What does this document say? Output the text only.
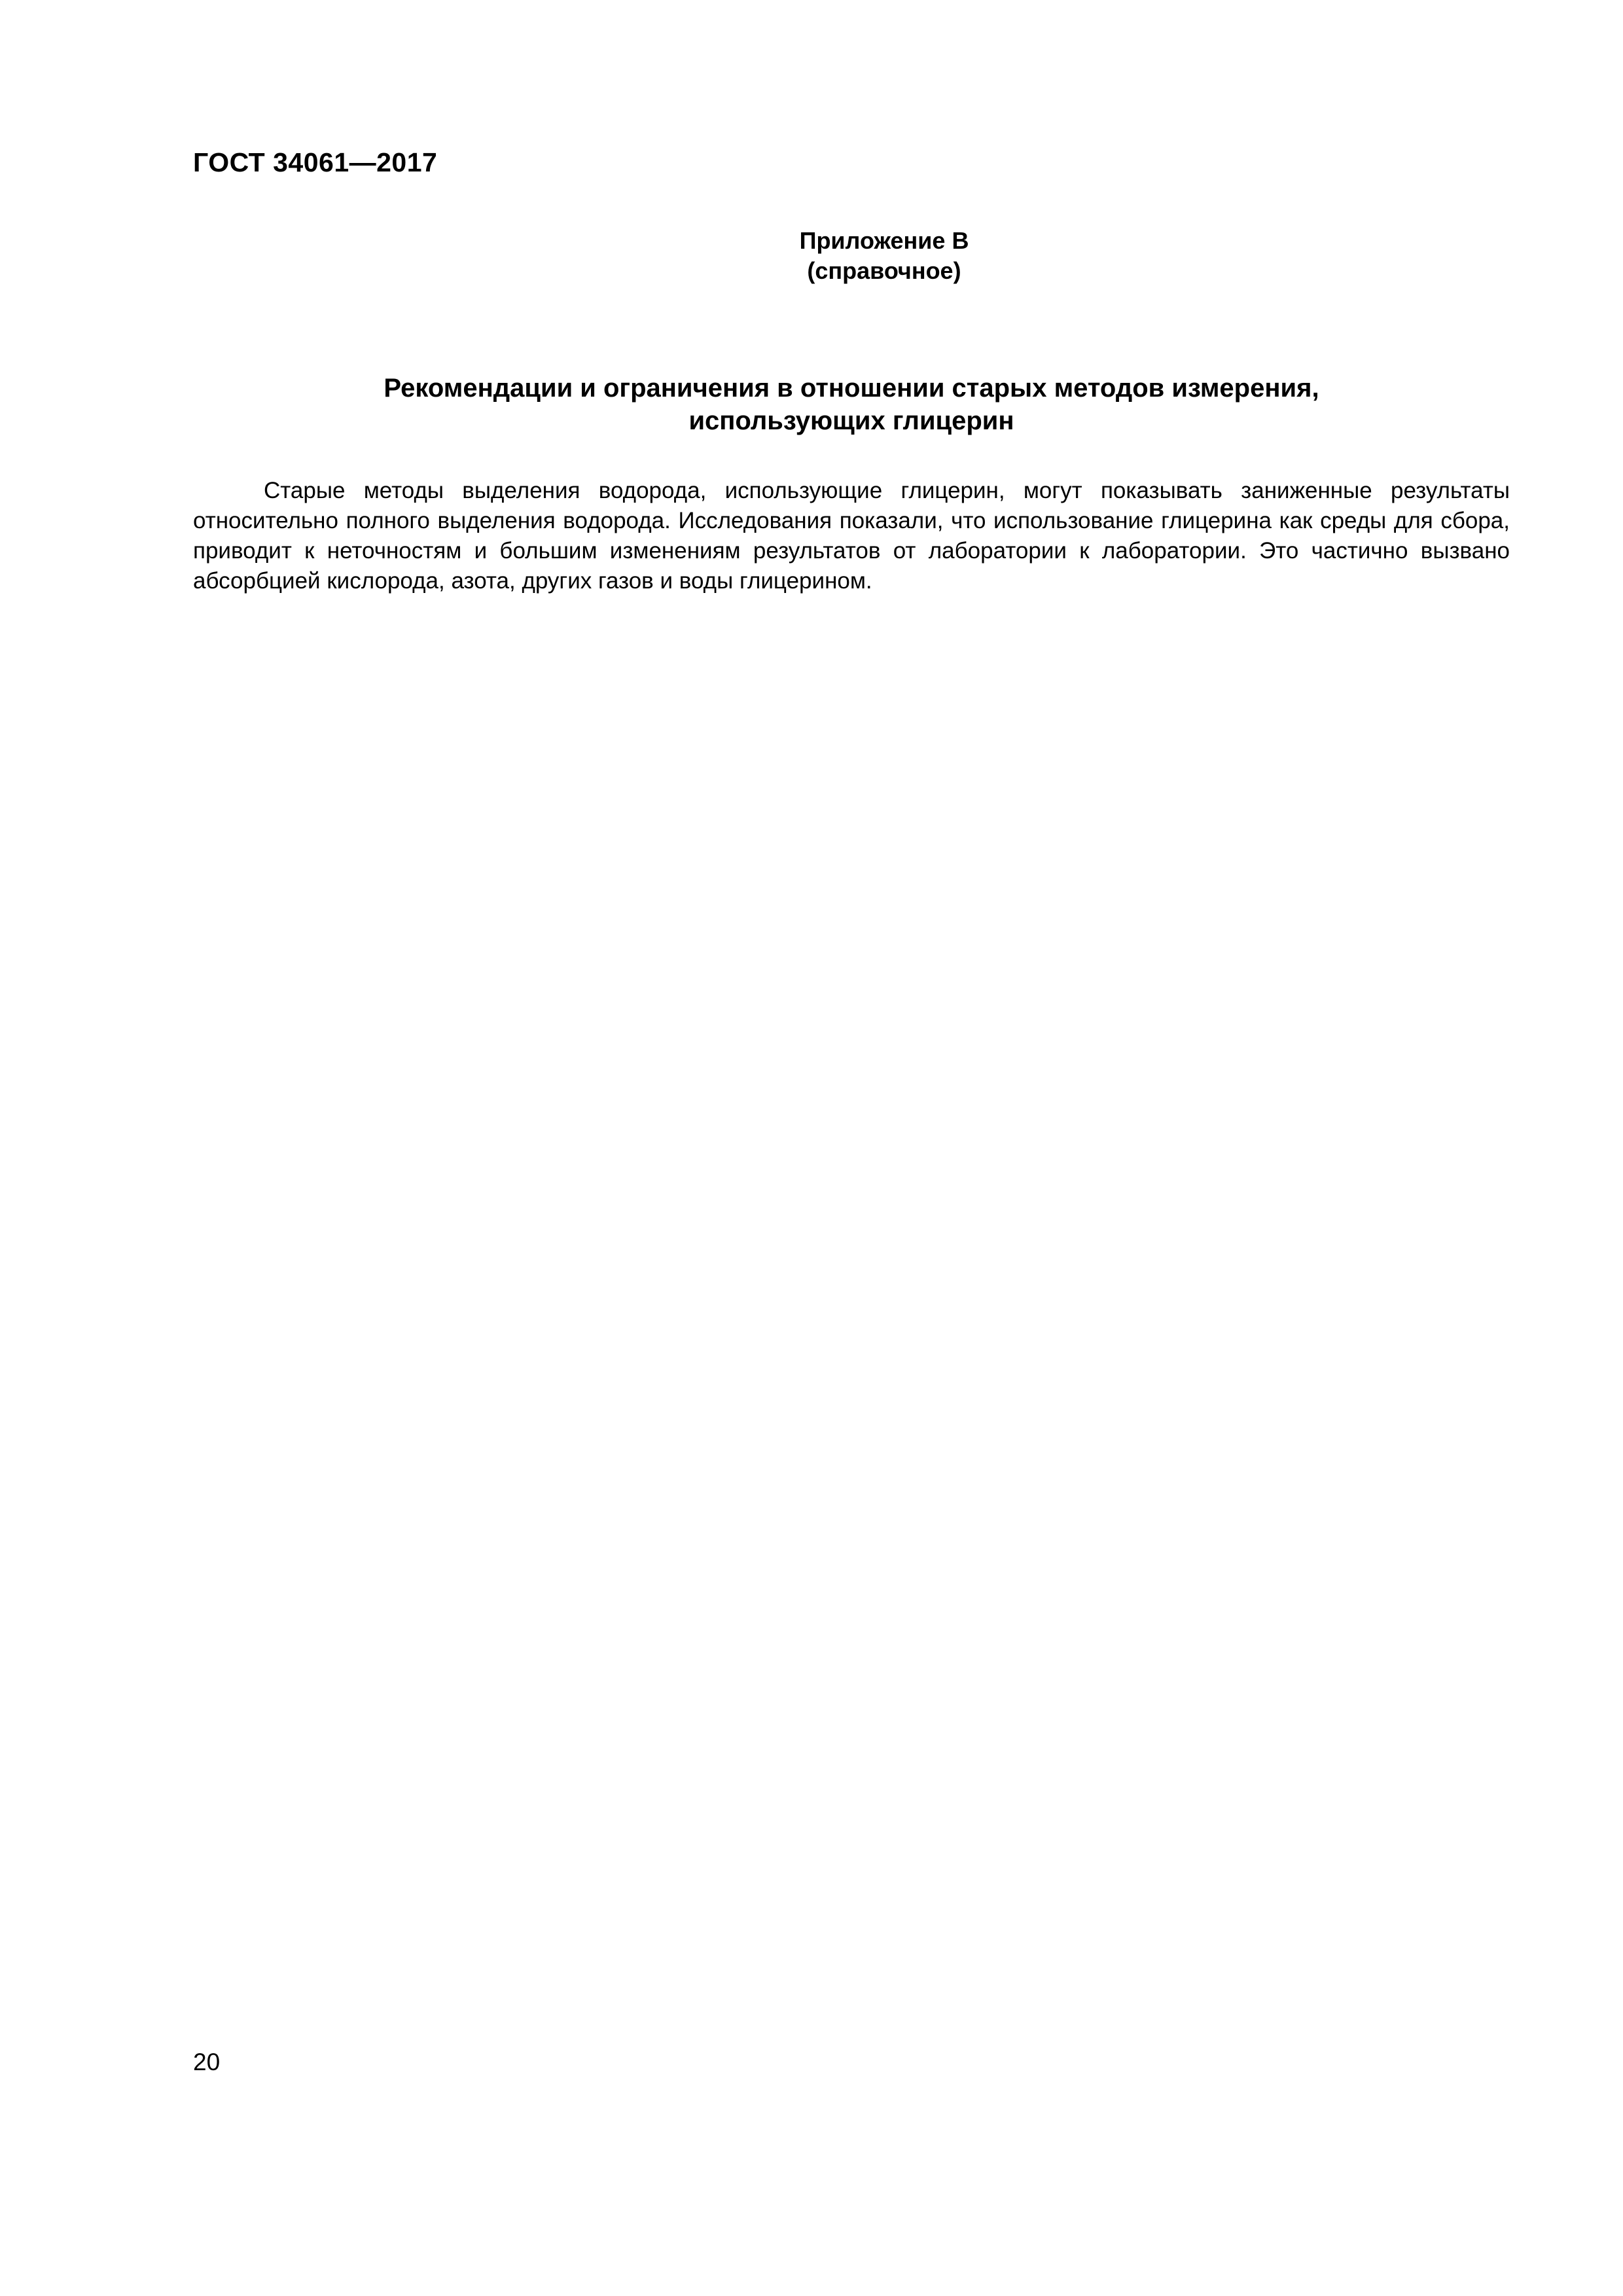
ГОСТ 34061—2017
Приложение В
(справочное)
Рекомендации и ограничения в отношении старых методов измерения,
использующих глицерин

Старые методы выделения водорода, использующие глицерин, могут показывать заниженные результаты относительно полного выделения водорода. Исследования показали, что использование глицерина как среды для сбора, приводит к неточностям и большим изменениям результатов от лаборатории к лаборатории. Это частично вызвано абсорбцией кислорода, азота, других газов и воды глицерином.

20
